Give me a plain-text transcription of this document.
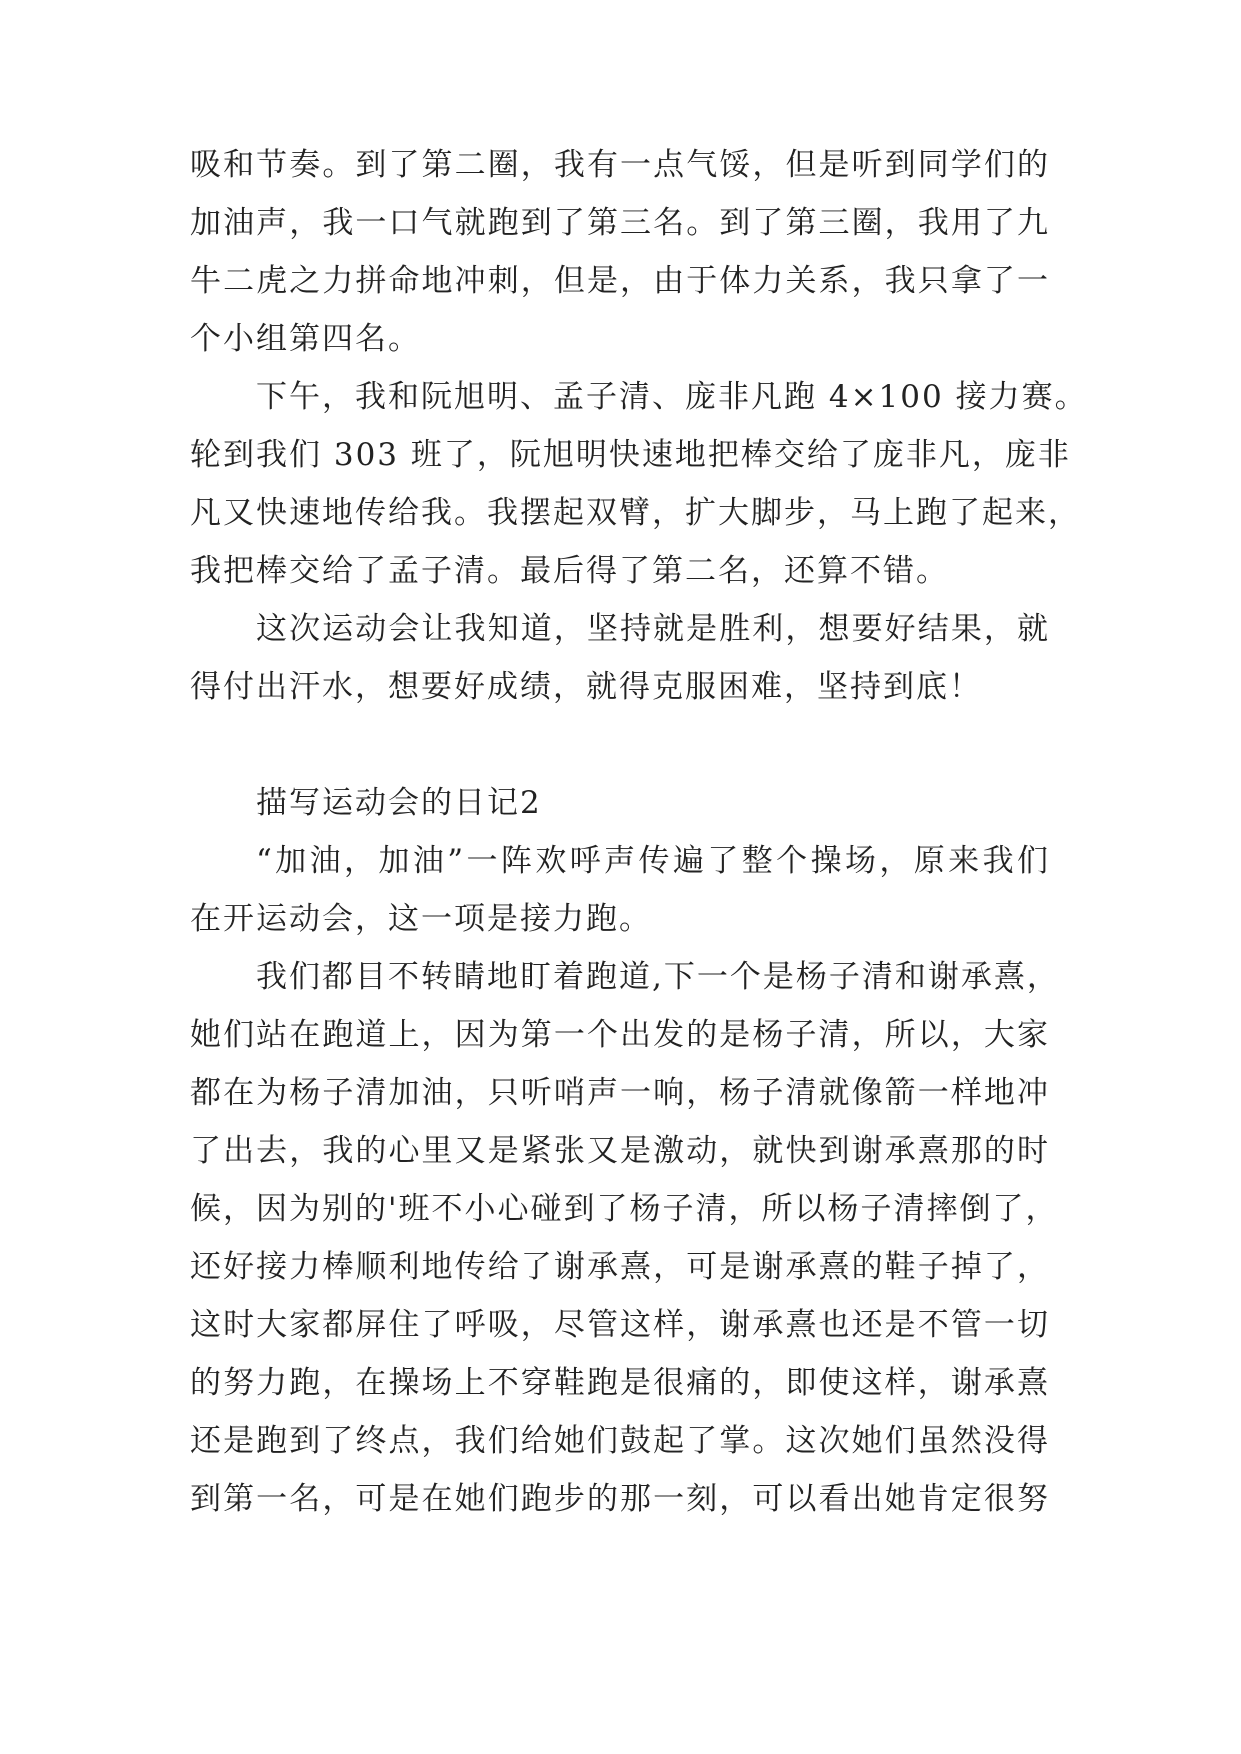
吸和节奏。到了第二圈，我有一点气馁，但是听到同学们的
加油声，我一口气就跑到了第三名。到了第三圈，我用了九
牛二虎之力拼命地冲刺，但是，由于体力关系，我只拿了一
个小组第四名。
下午，我和阮旭明、孟子清、庞非凡跑 4×100 接力赛。
轮到我们 303 班了，阮旭明快速地把棒交给了庞非凡，庞非
凡又快速地传给我。我摆起双臂，扩大脚步，马上跑了起来，
我把棒交给了孟子清。最后得了第二名，还算不错。
这次运动会让我知道，坚持就是胜利，想要好结果，就
得付出汗水，想要好成绩，就得克服困难，坚持到底！
描写运动会的日记2
“加油，加油”一阵欢呼声传遍了整个操场，原来我们
在开运动会，这一项是接力跑。
我们都目不转睛地盯着跑道,下一个是杨子清和谢承熹，
她们站在跑道上，因为第一个出发的是杨子清，所以，大家
都在为杨子清加油，只听哨声一响，杨子清就像箭一样地冲
了出去，我的心里又是紧张又是激动，就快到谢承熹那的时
候，因为别的'班不小心碰到了杨子清，所以杨子清摔倒了，
还好接力棒顺利地传给了谢承熹，可是谢承熹的鞋子掉了，
这时大家都屏住了呼吸，尽管这样，谢承熹也还是不管一切
的努力跑，在操场上不穿鞋跑是很痛的，即使这样，谢承熹
还是跑到了终点，我们给她们鼓起了掌。这次她们虽然没得
到第一名，可是在她们跑步的那一刻，可以看出她肯定很努
